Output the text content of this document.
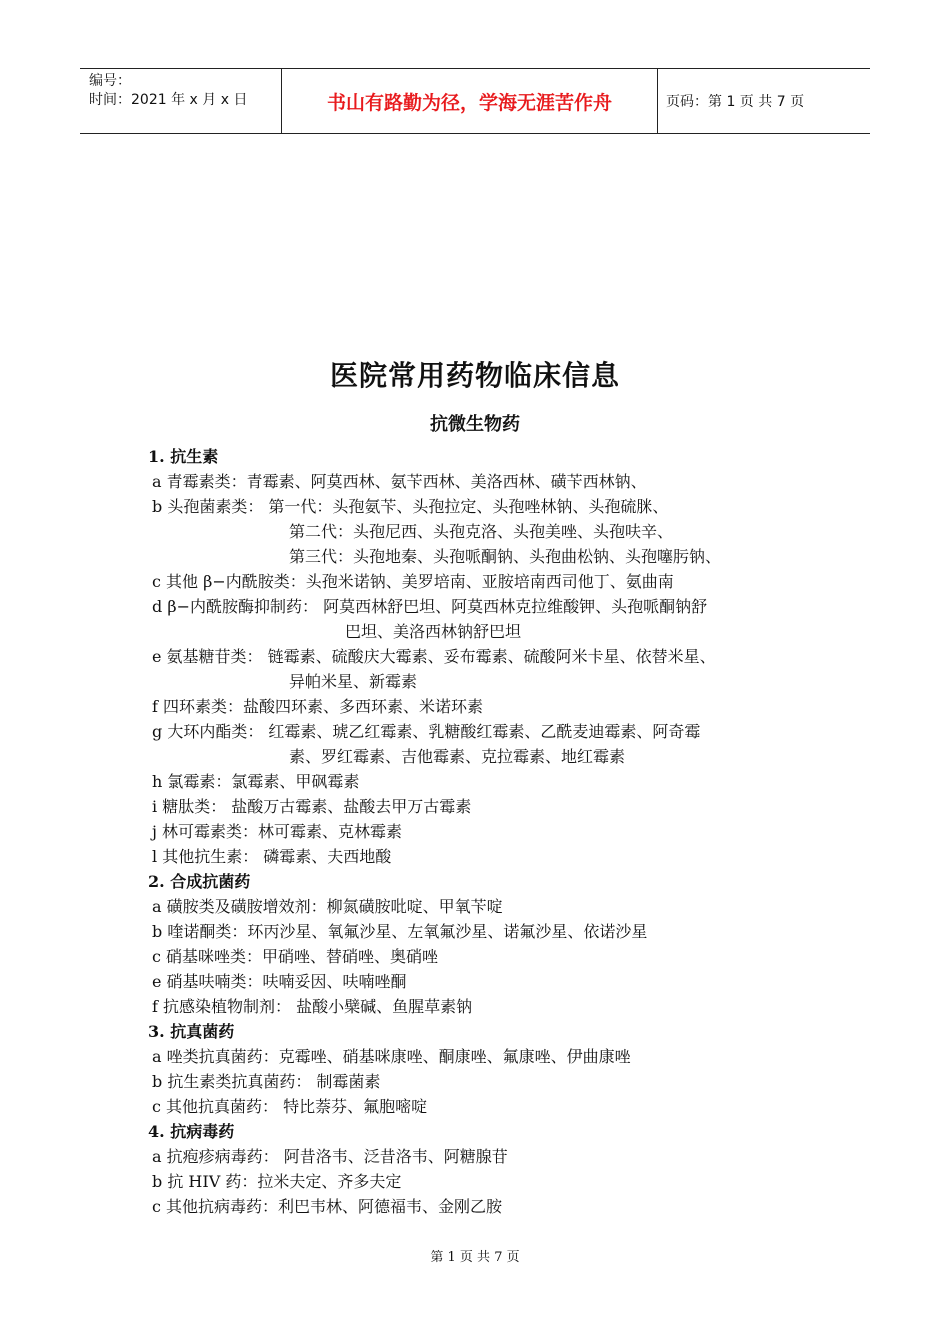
编号：
时间：2021 年 x 月 x 日	书山有路勤为径，学海无涯苦作舟	页码：第 1 页 共 7 页
医院常用药物临床信息
抗微生物药
1. 抗生素
a 青霉素类：青霉素、阿莫西林、氨苄西林、美洛西林、磺苄西林钠、
b 头孢菌素类： 第一代：头孢氨苄、头孢拉定、头孢唑林钠、头孢硫脒、
第二代：头孢尼西、头孢克洛、头孢美唑、头孢呋辛、
第三代：头孢地秦、头孢哌酮钠、头孢曲松钠、头孢噻肟钠、
c 其他 β−内酰胺类：头孢米诺钠、美罗培南、亚胺培南西司他丁、氨曲南
d β−内酰胺酶抑制药： 阿莫西林舒巴坦、阿莫西林克拉维酸钾、头孢哌酮钠舒
巴坦、美洛西林钠舒巴坦
e 氨基糖苷类： 链霉素、硫酸庆大霉素、妥布霉素、硫酸阿米卡星、依替米星、
异帕米星、新霉素
f 四环素类：盐酸四环素、多西环素、米诺环素
g 大环内酯类： 红霉素、琥乙红霉素、乳糖酸红霉素、乙酰麦迪霉素、阿奇霉
素、罗红霉素、吉他霉素、克拉霉素、地红霉素
h 氯霉素：氯霉素、甲砜霉素
i 糖肽类： 盐酸万古霉素、盐酸去甲万古霉素
j 林可霉素类：林可霉素、克林霉素
l 其他抗生素： 磷霉素、夫西地酸
2. 合成抗菌药
a 磺胺类及磺胺增效剂：柳氮磺胺吡啶、甲氧苄啶
b 喹诺酮类：环丙沙星、氧氟沙星、左氧氟沙星、诺氟沙星、依诺沙星
c 硝基咪唑类：甲硝唑、替硝唑、奥硝唑
e 硝基呋喃类：呋喃妥因、呋喃唑酮
f 抗感染植物制剂： 盐酸小檗碱、鱼腥草素钠
3. 抗真菌药
a 唑类抗真菌药：克霉唑、硝基咪康唑、酮康唑、氟康唑、伊曲康唑
b 抗生素类抗真菌药： 制霉菌素
c 其他抗真菌药： 特比萘芬、氟胞嘧啶
4. 抗病毒药
a 抗疱疹病毒药： 阿昔洛韦、泛昔洛韦、阿糖腺苷
b 抗 HIV 药：拉米夫定、齐多夫定
c 其他抗病毒药：利巴韦林、阿德福韦、金刚乙胺
第 1 页 共 7 页
